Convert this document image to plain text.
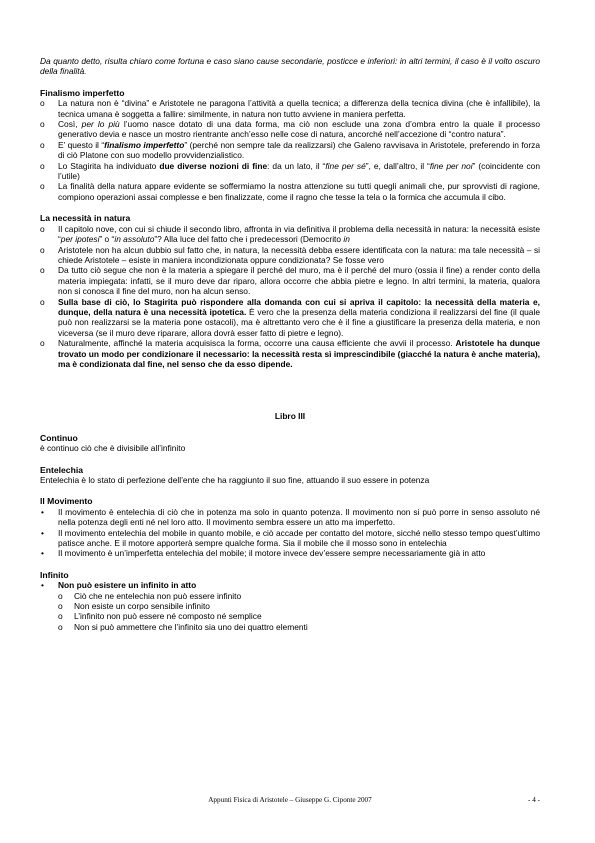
Da quanto detto, risulta chiaro come fortuna e caso siano cause secondarie, posticce e inferiori: in altri termini, il caso è il volto oscuro della finalità.

Finalismo imperfetto
o La natura non è “divina” e Aristotele ne paragona l’attività a quella tecnica; a differenza della tecnica divina (che è infallibile), la tecnica umana è soggetta a fallire: similmente, in natura non tutto avviene in maniera perfetta.
o Così, per lo più l’uomo nasce dotato di una data forma, ma ciò non esclude una zona d’ombra entro la quale il processo generativo devia e nasce un mostro rientrante anch’esso nelle cose di natura, ancorché nell’accezione di “contro natura”.
o E’ questo il “finalismo imperfetto” (perché non sempre tale da realizzarsi) che Galeno ravvisava in Aristotele, preferendo in forza di ciò Platone con suo modello provvidenzialistico.
o Lo Stagirita ha individuato due diverse nozioni di fine: da un lato, il “fine per sé”, e, dall’altro, il “fine per noi” (coincidente con l’utile)
o La finalità della natura appare evidente se soffermiamo la nostra attenzione su tutti quegli animali che, pur sprovvisti di ragione, compiono operazioni assai complesse e ben finalizzate, come il ragno che tesse la tela o la formica che accumula il cibo.
La necessità in natura
o Il capitolo nove, con cui si chiude il secondo libro, affronta in via definitiva il problema della necessità in natura: la necessità esiste “per ipotesi” o “in assoluto”? Alla luce del fatto che i predecessori (Democrito in
o Aristotele non ha alcun dubbio sul fatto che, in natura, la necessità debba essere identificata con la natura: ma tale necessità – si chiede Aristotele – esiste in maniera incondizionata oppure condizionata? Se fosse vero
o Da tutto ciò segue che non è la materia a spiegare il perché del muro, ma è il perché del muro (ossia il fine) a render conto della materia impiegata: infatti, se il muro deve dar riparo, allora occorre che abbia pietre e legno. In altri termini, la materia, qualora non si conosca il fine del muro, non ha alcun senso.
o Sulla base di ciò, lo Stagirita può rispondere alla domanda con cui si apriva il capitolo: la necessità della materia e, dunque, della natura è una necessità ipotetica. È vero che la presenza della materia condiziona il realizzarsi del fine (il quale può non realizzarsi se la materia pone ostacoli), ma è altrettanto vero che è il fine a giustificare la presenza della materia, e non viceversa (se il muro deve riparare, allora dovrà esser fatto di pietre e legno).
o Naturalmente, affinché la materia acquisisca la forma, occorre una causa efficiente che avvii il processo. Aristotele ha dunque trovato un modo per condizionare il necessario: la necessità resta sì imprescindibile (giacché la natura è anche materia), ma è condizionata dal fine, nel senso che da esso dipende.

Libro III

Continuo

è continuo ciò che è divisibile all’infinito

Entelechia

Entelechia è lo stato di perfezione dell’ente che ha raggiunto il suo fine, attuando il suo essere in potenza

Il Movimento
• Il movimento è entelechia di ciò che in potenza ma solo in quanto potenza. Il movimento non si può porre in senso assoluto né nella potenza degli enti né nel loro atto. Il movimento sembra essere un atto ma imperfetto.
• Il movimento entelechia del mobile in quanto mobile, e ciò accade per contatto del motore, sicché nello stesso tempo quest’ultimo patisce anche. E il motore apporterà sempre qualche forma. Sia il mobile che il mosso sono in entelechia
• Il movimento è un’imperfetta entelechia del mobile; il motore invece dev’essere sempre necessariamente già in atto
Infinito
• Non può esistere un infinito in atto
o Ciò che ne entelechia non può essere infinito
o Non esiste un corpo sensibile infinito
o L’infinito non può essere né composto né semplice
o Non si può ammettere che l’infinito sia uno dei quattro elementi
Appunti Fisica di Aristotele – Giuseppe G. Ciponte 2007	- 4 -
